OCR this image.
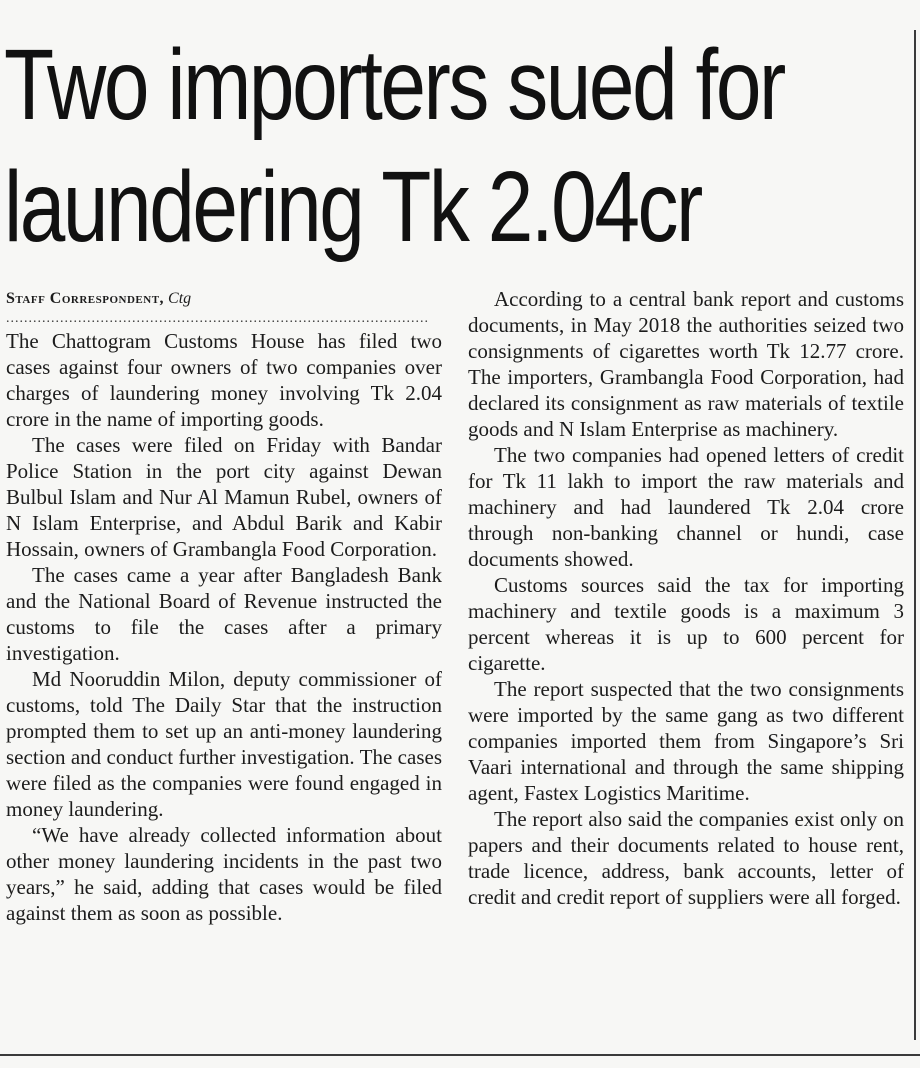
Two importers sued for
laundering Tk 2.04cr

Staff Correspondent, Ctg

..............................................................................................

The Chattogram Customs House has filed two cases against four owners of two companies over charges of laundering money involving Tk 2.04 crore in the name of importing goods.

The cases were filed on Friday with Bandar Police Station in the port city against Dewan Bulbul Islam and Nur Al Mamun Rubel, owners of N Islam Enterprise, and Abdul Barik and Kabir Hossain, owners of Grambangla Food Corporation.

The cases came a year after Bangladesh Bank and the National Board of Revenue instructed the customs to file the cases after a primary investigation.

Md Nooruddin Milon, deputy commissioner of customs, told The Daily Star that the instruction prompted them to set up an anti-money laundering section and conduct further investigation. The cases were filed as the companies were found engaged in money laundering.

“We have already collected information about other money laundering incidents in the past two years,” he said, adding that cases would be filed against them as soon as possible.

According to a central bank report and customs documents, in May 2018 the authorities seized two consignments of cigarettes worth Tk 12.77 crore. The importers, Grambangla Food Corporation, had declared its consignment as raw materials of textile goods and N Islam Enterprise as machinery.

The two companies had opened letters of credit for Tk 11 lakh to import the raw materials and machinery and had laundered Tk 2.04 crore through non-banking channel or hundi, case documents showed.

Customs sources said the tax for importing machinery and textile goods is a maximum 3 percent whereas it is up to 600 percent for cigarette.

The report suspected that the two consignments were imported by the same gang as two different companies imported them from Singapore’s Sri Vaari international and through the same shipping agent, Fastex Logistics Maritime.

The report also said the companies exist only on papers and their documents related to house rent, trade licence, address, bank accounts, letter of credit and credit report of suppliers were all forged.
